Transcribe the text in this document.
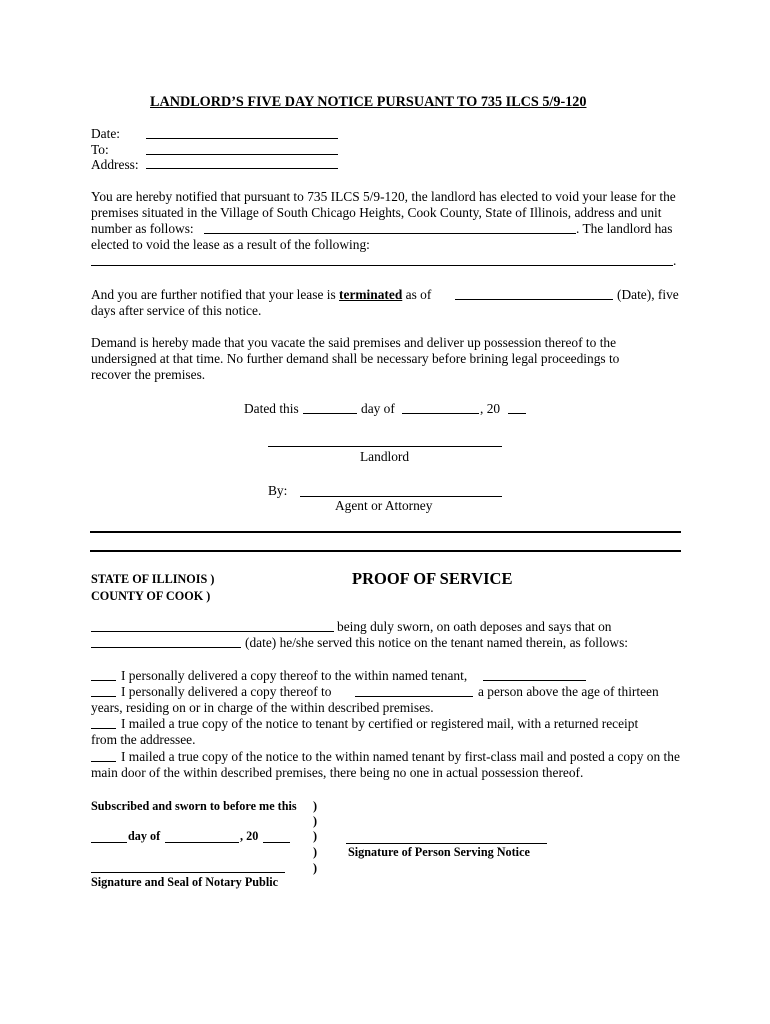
LANDLORD’S FIVE DAY NOTICE PURSUANT TO 735 ILCS 5/9-120
Date:
To:
Address:
You are hereby notified that pursuant to 735 ILCS 5/9-120, the landlord has elected to void your lease for the
premises situated in the Village of South Chicago Heights, Cook County, State of Illinois, address and unit
number as follows:	. The landlord has
elected to void the lease as a result of the following:
.
And you are further notified that your lease is terminated as of	(Date), five
days after service of this notice.
Demand is hereby made that you vacate the said premises and deliver up possession thereof to the
undersigned at that time. No further demand shall be necessary before brining legal proceedings to
recover the premises.
Dated this	day of	, 20
Landlord
By:
Agent or Attorney
STATE OF ILLINOIS )
COUNTY OF COOK )
PROOF OF SERVICE
being duly sworn, on oath deposes and says that on
(date) he/she served this notice on the tenant named therein, as follows:
I personally delivered a copy thereof to the within named tenant,
I personally delivered a copy thereof to	a person above the age of thirteen
years, residing on or in charge of the within described premises.
I mailed a true copy of the notice to tenant by certified or registered mail, with a returned receipt
from the addressee.
I mailed a true copy of the notice to the within named tenant by first-class mail and posted a copy on the
main door of the within described premises, there being no one in actual possession thereof.
Subscribed and sworn to before me this )
)
day of	, 20	)
Signature of Person Serving Notice
)
)
Signature and Seal of Notary Public
